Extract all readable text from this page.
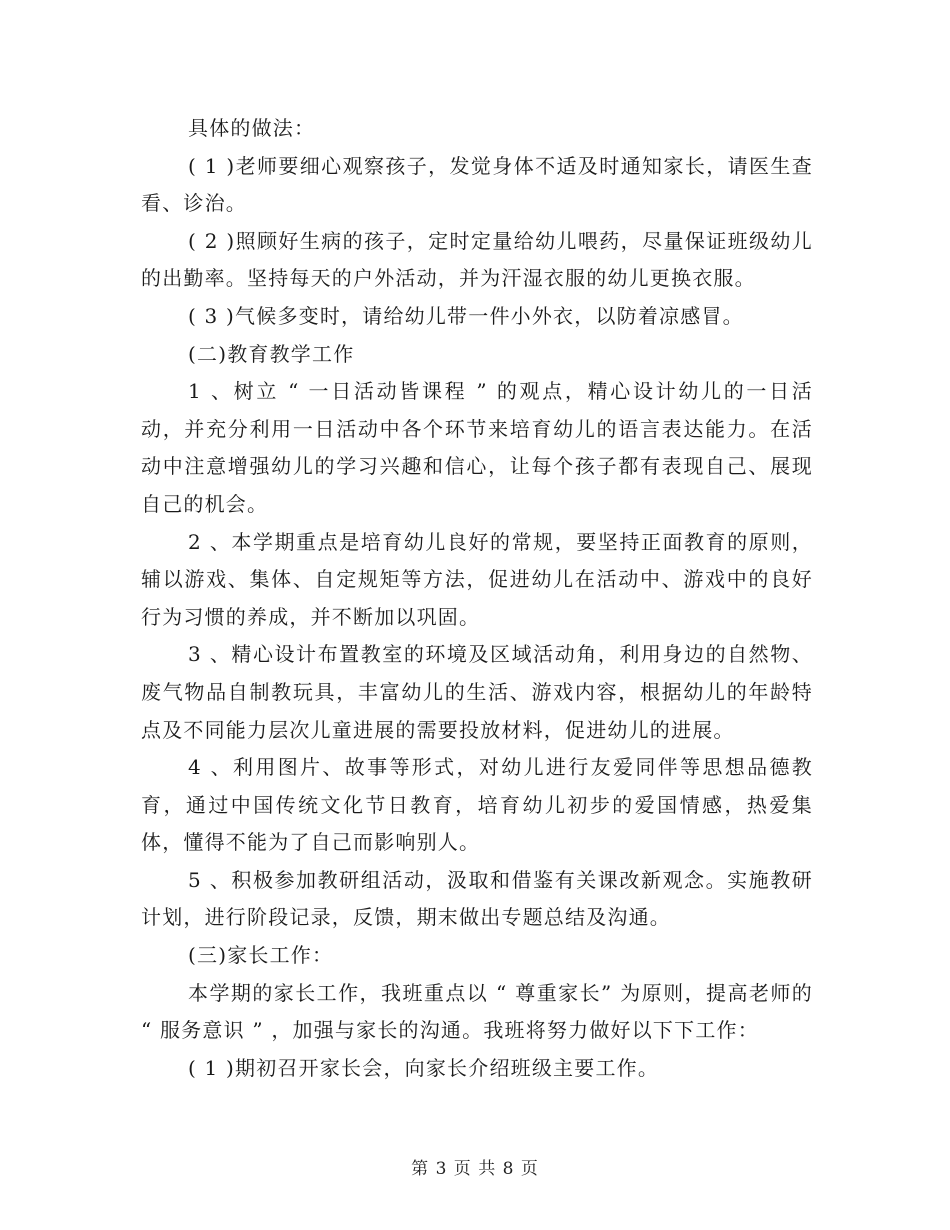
具体的做法：

( 1 )老师要细心观察孩子，发觉身体不适及时通知家长，请医生查看、诊治。

( 2 )照顾好生病的孩子，定时定量给幼儿喂药，尽量保证班级幼儿的出勤率。坚持每天的户外活动，并为汗湿衣服的幼儿更换衣服。

( 3 )气候多变时，请给幼儿带一件小外衣，以防着凉感冒。

(二)教育教学工作

1 、树立 “ 一日活动皆课程 ” 的观点，精心设计幼儿的一日活动，并充分利用一日活动中各个环节来培育幼儿的语言表达能力。在活动中注意增强幼儿的学习兴趣和信心，让每个孩子都有表现自己、展现自己的机会。

2 、本学期重点是培育幼儿良好的常规，要坚持正面教育的原则，辅以游戏、集体、自定规矩等方法，促进幼儿在活动中、游戏中的良好行为习惯的养成，并不断加以巩固。

3 、精心设计布置教室的环境及区域活动角，利用身边的自然物、废气物品自制教玩具，丰富幼儿的生活、游戏内容，根据幼儿的年龄特点及不同能力层次儿童进展的需要投放材料，促进幼儿的进展。

4 、利用图片、故事等形式，对幼儿进行友爱同伴等思想品德教育，通过中国传统文化节日教育，培育幼儿初步的爱国情感，热爱集体，懂得不能为了自己而影响别人。

5 、积极参加教研组活动，汲取和借鉴有关课改新观念。实施教研计划，进行阶段记录，反馈，期末做出专题总结及沟通。

(三)家长工作：

本学期的家长工作，我班重点以 “ 尊重家长” 为原则，提高老师的 “ 服务意识 ” ，加强与家长的沟通。我班将努力做好以下下工作：

( 1 )期初召开家长会，向家长介绍班级主要工作。

第 3 页 共 8 页
